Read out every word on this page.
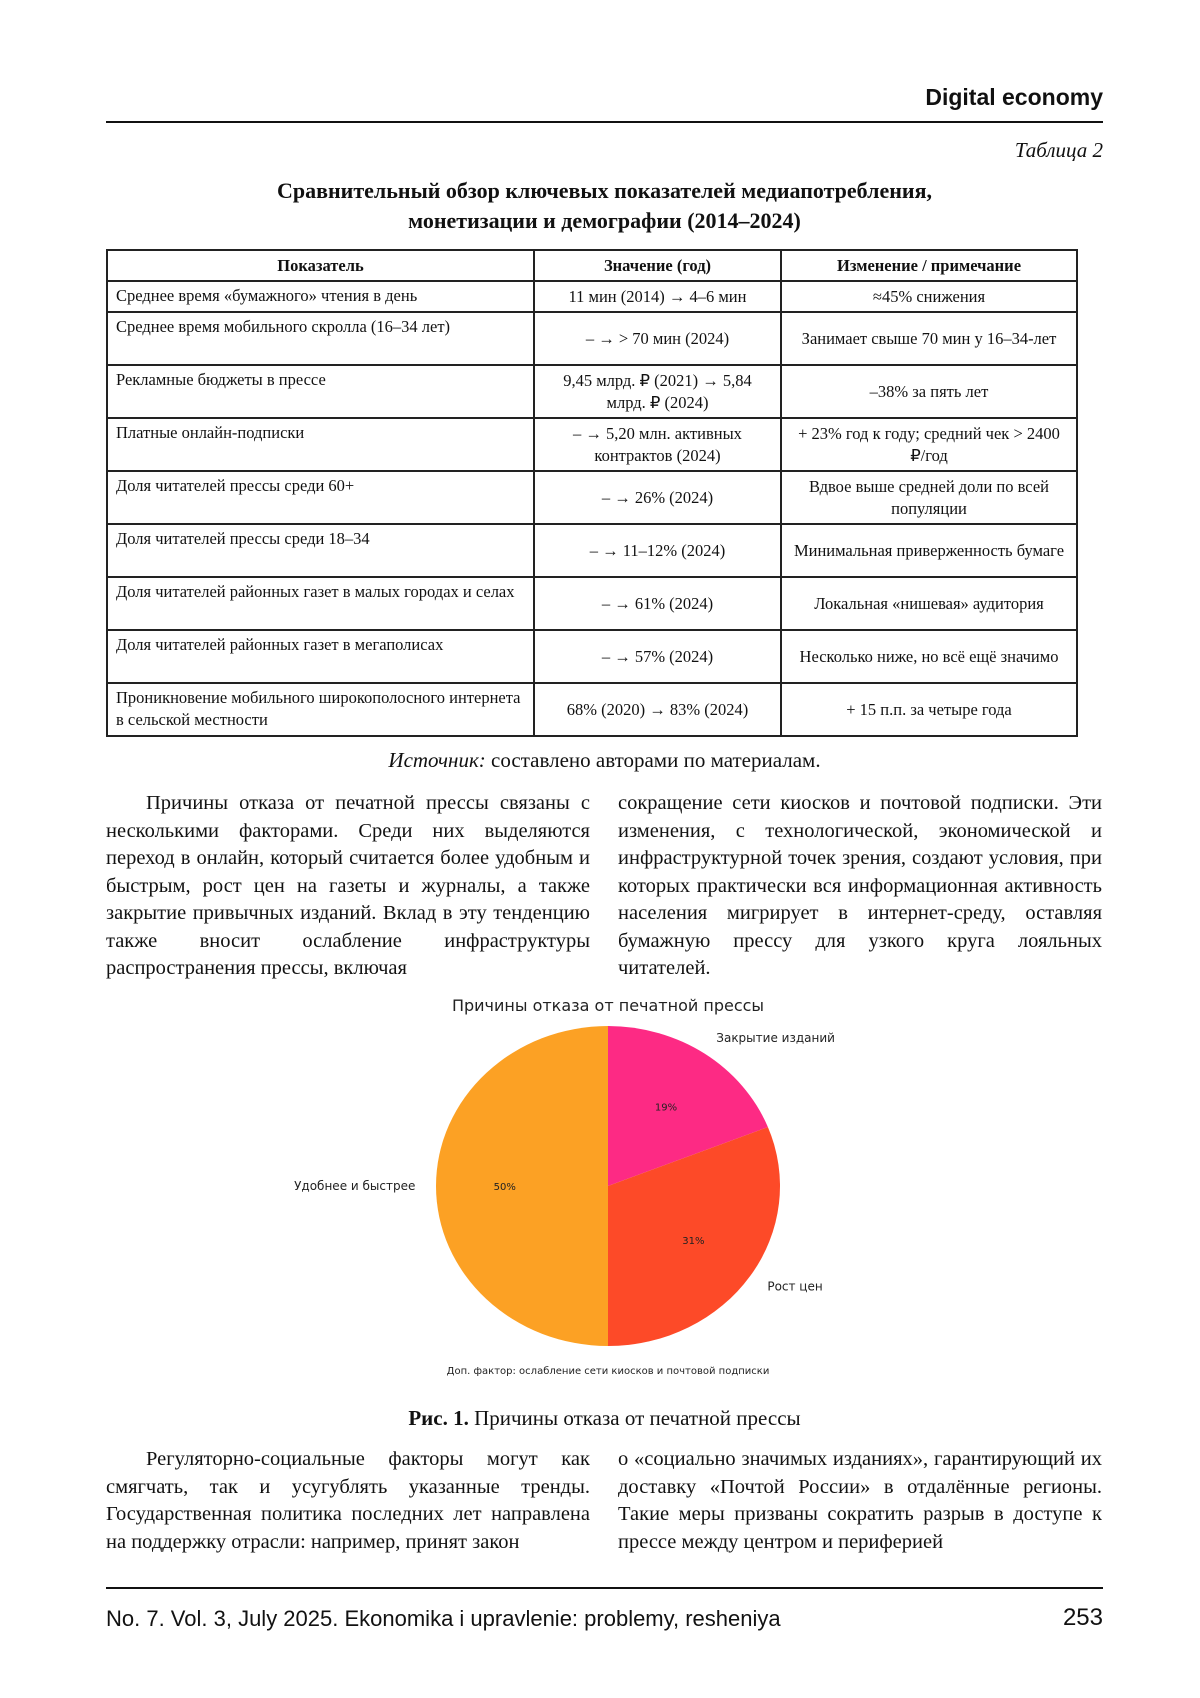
Digital economy
Таблица 2
Сравнительный обзор ключевых показателей медиапотребления,
монетизации и демографии (2014–2024)
Показатель	Значение (год)	Изменение / примечание
Среднее время «бумажного» чтения в день	11 мин (2014) → 4–6 мин	≈45% снижения
Среднее время мобильного скролла (16–34 лет)	– → > 70 мин (2024)	Занимает свыше 70 мин у 16–34-лет
Рекламные бюджеты в прессе	9,45 млрд. ₽ (2021) → 5,84 млрд. ₽ (2024)	–38% за пять лет
Платные онлайн-подписки	– → 5,20 млн. активных контрактов (2024)	+ 23% год к году; средний чек > 2400 ₽/год
Доля читателей прессы среди 60+	– → 26% (2024)	Вдвое выше средней доли по всей популяции
Доля читателей прессы среди 18–34	– → 11–12% (2024)	Минимальная приверженность бумаге
Доля читателей районных газет в малых городах и селах	– → 61% (2024)	Локальная «нишевая» аудитория
Доля читателей районных газет в мегаполисах	– → 57% (2024)	Несколько ниже, но всё ещё значимо
Проникновение мобильного широкополосного интернета в сельской местности	68% (2020) → 83% (2024)	+ 15 п.п. за четыре года
Источник: составлено авторами по материалам.
Причины отказа от печатной прессы связаны с несколькими факторами. Среди них выделяются переход в онлайн, который считается более удобным и быстрым, рост цен на газеты и журналы, а также закрытие привычных изданий. Вклад в эту тенденцию также вносит ослабление инфраструктуры распространения прессы, включая
сокращение сети киосков и почтовой подписки. Эти изменения, с технологической, экономической и инфраструктурной точек зрения, создают условия, при которых практически вся информационная активность населения мигрирует в интернет-среду, оставляя бумажную прессу для узкого круга лояльных читателей.
Причины отказа от печатной прессы
19%
Закрытие изданий
31%
Рост цен
50%
Удобнее и быстрее
Доп. фактор: ослабление сети киосков и почтовой подписки
Рис. 1. Причины отказа от печатной прессы
Регуляторно-социальные факторы могут как смягчать, так и усугублять указанные тренды. Государственная политика последних лет направлена на поддержку отрасли: например, принят закон
о «социально значимых изданиях», гарантирующий их доставку «Почтой России» в отдалённые регионы. Такие меры призваны сократить разрыв в доступе к прессе между центром и периферией
No. 7. Vol. 3, July 2025. Ekonomika i upravlenie: problemy, resheniya	253
